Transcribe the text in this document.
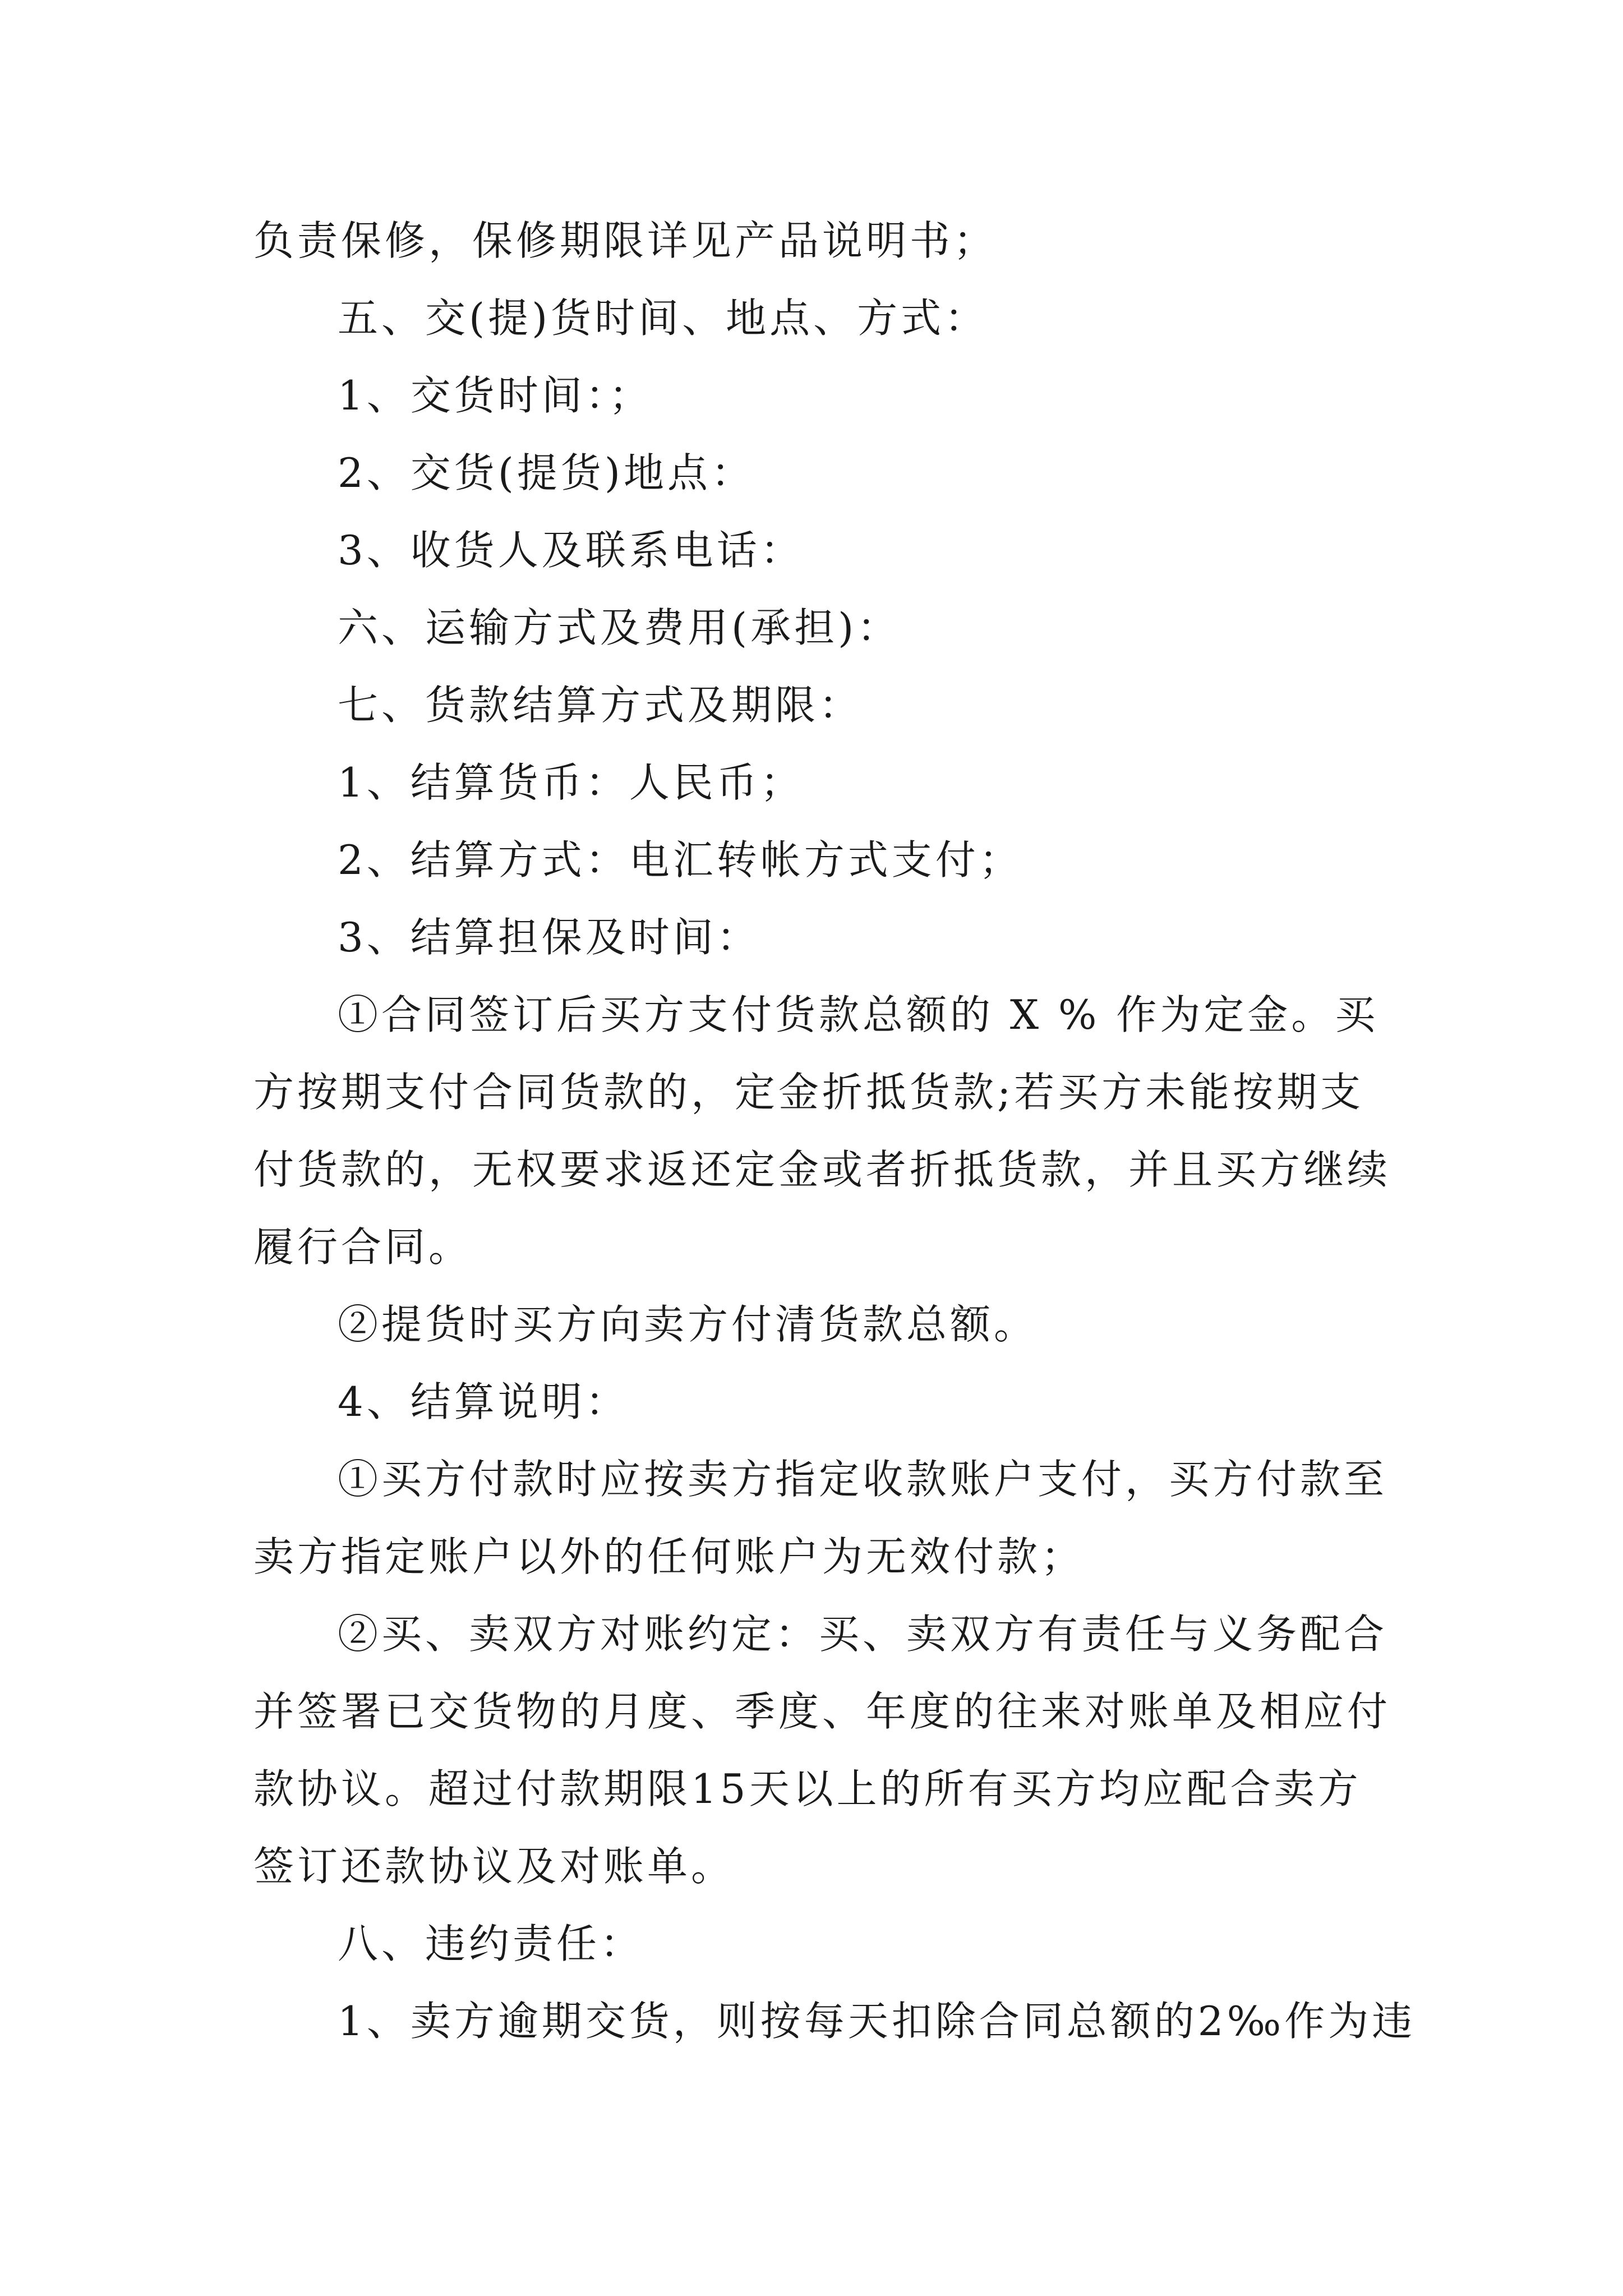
负责保修，保修期限详见产品说明书；

五、交(提)货时间、地点、方式：

1、交货时间：；

2、交货(提货)地点：

3、收货人及联系电话：

六、运输方式及费用(承担)：

七、货款结算方式及期限：

1、结算货币：人民币；

2、结算方式：电汇转帐方式支付；

3、结算担保及时间：

①合同签订后买方支付货款总额的 X % 作为定金。买方按期支付合同货款的，定金折抵货款;若买方未能按期支付货款的，无权要求返还定金或者折抵货款，并且买方继续履行合同。

②提货时买方向卖方付清货款总额。

4、结算说明：

①买方付款时应按卖方指定收款账户支付，买方付款至卖方指定账户以外的任何账户为无效付款；

②买、卖双方对账约定：买、卖双方有责任与义务配合并签署已交货物的月度、季度、年度的往来对账单及相应付款协议。超过付款期限15天以上的所有买方均应配合卖方签订还款协议及对账单。

八、违约责任：

1、卖方逾期交货，则按每天扣除合同总额的2‰作为违
